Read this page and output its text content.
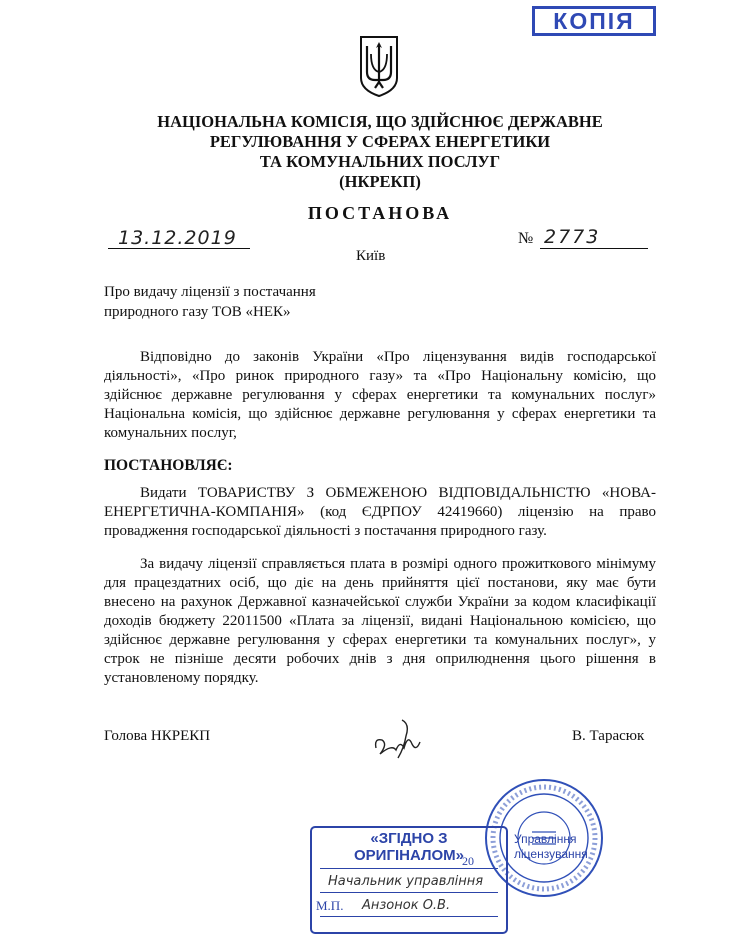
КОПІЯ
НАЦІОНАЛЬНА КОМІСІЯ, ЩО ЗДІЙСНЮЄ ДЕРЖАВНЕ
РЕГУЛЮВАННЯ У СФЕРАХ ЕНЕРГЕТИКИ
ТА КОМУНАЛЬНИХ ПОСЛУГ
(НКРЕКП)
ПОСТАНОВА
13.12.2019
Київ
№ 2773
Про видачу ліцензії з постачання
природного газу ТОВ «НЕК»
Відповідно до законів України «Про ліцензування видів господарської діяльності», «Про ринок природного газу» та «Про Національну комісію, що здійснює державне регулювання у сферах енергетики та комунальних послуг» Національна комісія, що здійснює державне регулювання у сферах енергетики та комунальних послуг,
ПОСТАНОВЛЯЄ:
Видати ТОВАРИСТВУ З ОБМЕЖЕНОЮ ВІДПОВІДАЛЬНІСТЮ «НОВА-ЕНЕРГЕТИЧНА-КОМПАНІЯ» (код ЄДРПОУ 42419660) ліцензію на право провадження господарської діяльності з постачання природного газу.
За видачу ліцензії справляється плата в розмірі одного прожиткового мінімуму для працездатних осіб, що діє на день прийняття цієї постанови, яку має бути внесено на рахунок Державної казначейської служби України за кодом класифікації доходів бюджету 22011500 «Плата за ліцензії, видані Національною комісією, що здійснює державне регулювання у сферах енергетики та комунальних послуг», у строк не пізніше десяти робочих днів з дня оприлюднення цього рішення в установленому порядку.
Голова НКРЕКП	В. Тарасюк
«ЗГІДНО З ОРИГІНАЛОМ»
20
Начальник управління
М.П. Анзонок О.В.
Управління
ліцензування
